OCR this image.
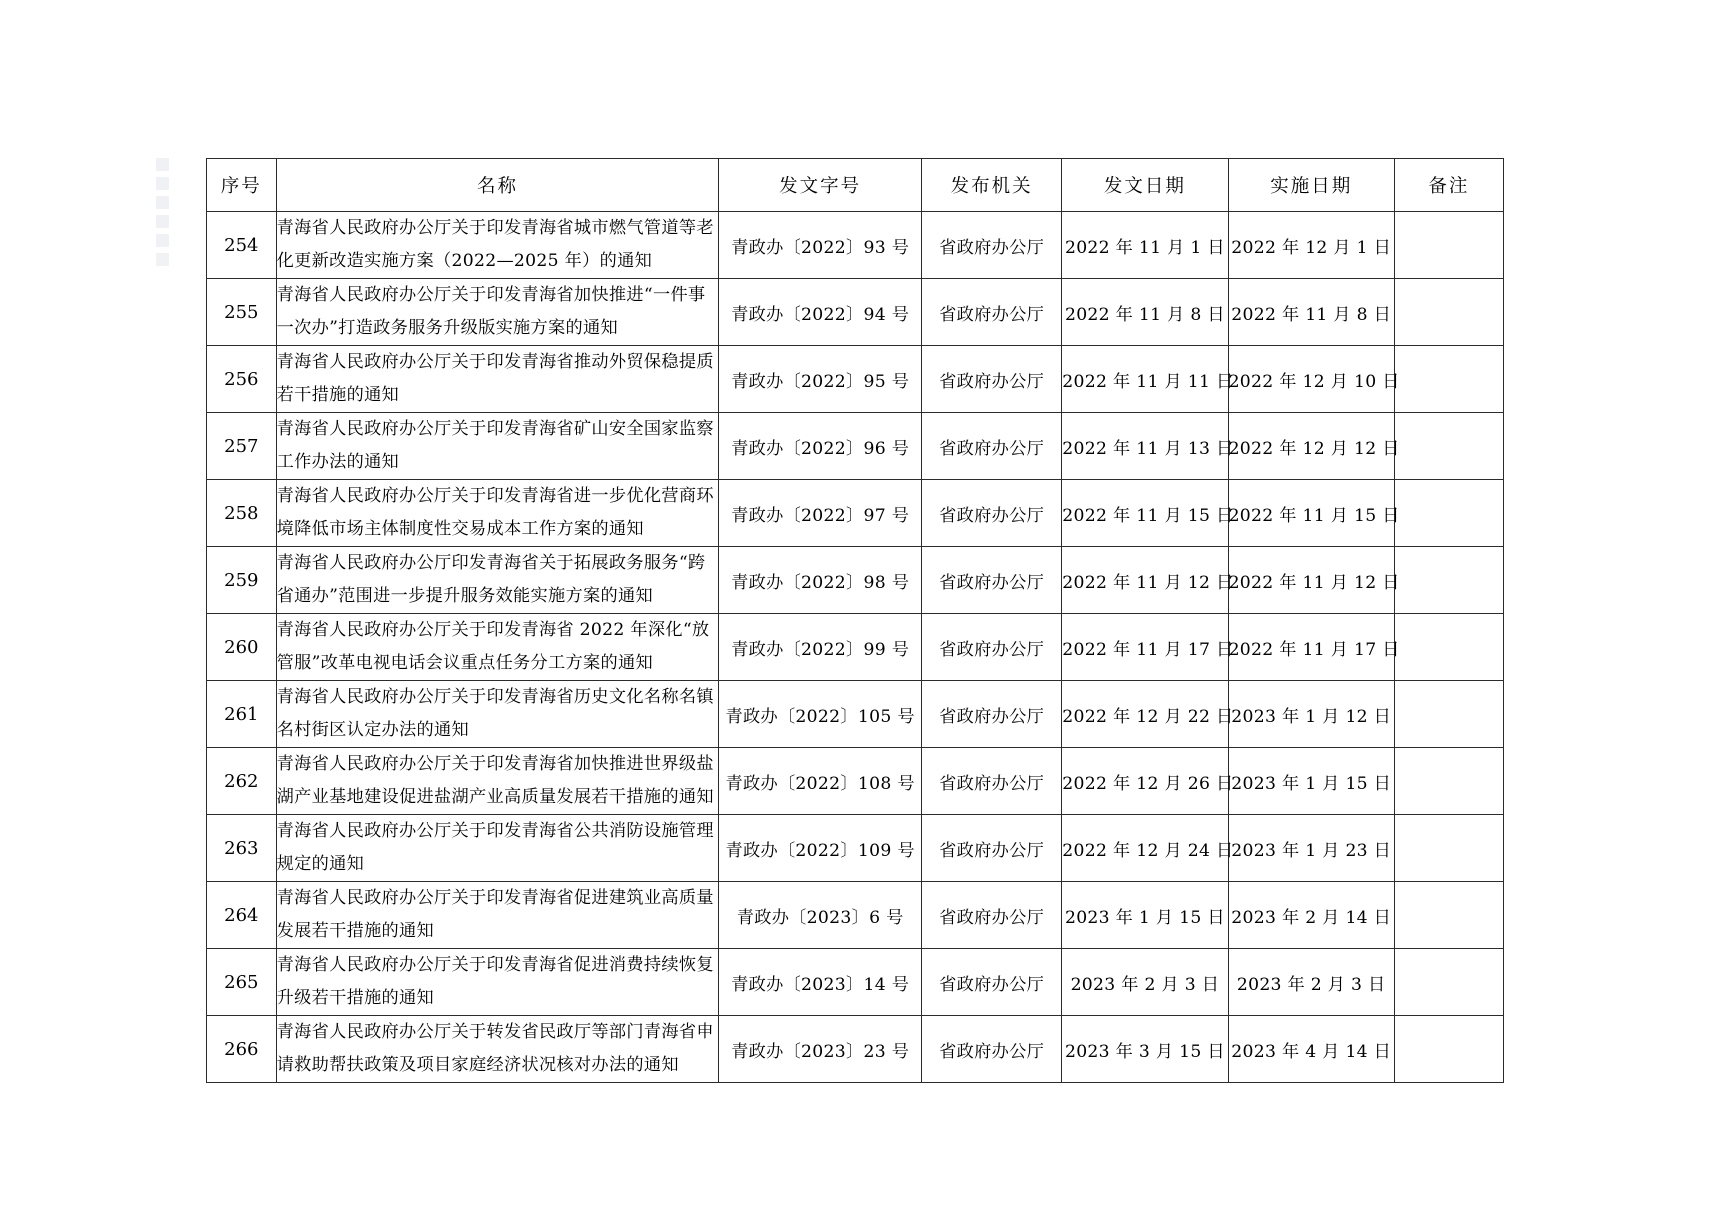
序号	名称	发文字号	发布机关	发文日期	实施日期	备注
254	青海省人民政府办公厅关于印发青海省城市燃气管道等老化更新改造实施方案（2022—2025 年）的通知	青政办〔2022〕93 号	省政府办公厅	2022 年 11 月 1 日	2022 年 12 月 1 日	
255	青海省人民政府办公厅关于印发青海省加快推进“一件事一次办”打造政务服务升级版实施方案的通知	青政办〔2022〕94 号	省政府办公厅	2022 年 11 月 8 日	2022 年 11 月 8 日	
256	青海省人民政府办公厅关于印发青海省推动外贸保稳提质若干措施的通知	青政办〔2022〕95 号	省政府办公厅	2022 年 11 月 11 日	2022 年 12 月 10 日	
257	青海省人民政府办公厅关于印发青海省矿山安全国家监察工作办法的通知	青政办〔2022〕96 号	省政府办公厅	2022 年 11 月 13 日	2022 年 12 月 12 日	
258	青海省人民政府办公厅关于印发青海省进一步优化营商环境降低市场主体制度性交易成本工作方案的通知	青政办〔2022〕97 号	省政府办公厅	2022 年 11 月 15 日	2022 年 11 月 15 日	
259	青海省人民政府办公厅印发青海省关于拓展政务服务“跨省通办”范围进一步提升服务效能实施方案的通知	青政办〔2022〕98 号	省政府办公厅	2022 年 11 月 12 日	2022 年 11 月 12 日	
260	青海省人民政府办公厅关于印发青海省 2022 年深化“放管服”改革电视电话会议重点任务分工方案的通知	青政办〔2022〕99 号	省政府办公厅	2022 年 11 月 17 日	2022 年 11 月 17 日	
261	青海省人民政府办公厅关于印发青海省历史文化名称名镇名村街区认定办法的通知	青政办〔2022〕105 号	省政府办公厅	2022 年 12 月 22 日	2023 年 1 月 12 日	
262	青海省人民政府办公厅关于印发青海省加快推进世界级盐湖产业基地建设促进盐湖产业高质量发展若干措施的通知	青政办〔2022〕108 号	省政府办公厅	2022 年 12 月 26 日	2023 年 1 月 15 日	
263	青海省人民政府办公厅关于印发青海省公共消防设施管理规定的通知	青政办〔2022〕109 号	省政府办公厅	2022 年 12 月 24 日	2023 年 1 月 23 日	
264	青海省人民政府办公厅关于印发青海省促进建筑业高质量发展若干措施的通知	青政办〔2023〕6 号	省政府办公厅	2023 年 1 月 15 日	2023 年 2 月 14 日	
265	青海省人民政府办公厅关于印发青海省促进消费持续恢复升级若干措施的通知	青政办〔2023〕14 号	省政府办公厅	2023 年 2 月 3 日	2023 年 2 月 3 日	
266	青海省人民政府办公厅关于转发省民政厅等部门青海省申请救助帮扶政策及项目家庭经济状况核对办法的通知	青政办〔2023〕23 号	省政府办公厅	2023 年 3 月 15 日	2023 年 4 月 14 日	
